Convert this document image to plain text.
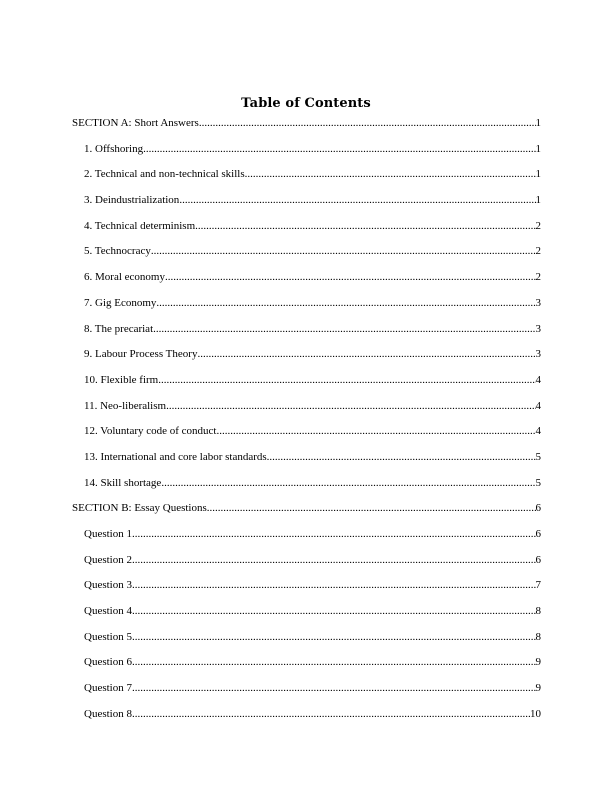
Table of Contents
SECTION A: Short Answers .....	1
1. Offshoring .....	1
2. Technical and non-technical skills .....	1
3. Deindustrialization .....	1
4. Technical determinism .....	2
5. Technocracy .....	2
6. Moral economy .....	2
7. Gig Economy .....	3
8. The precariat .....	3
9. Labour Process Theory .....	3
10. Flexible firm .....	4
11. Neo-liberalism .....	4
12. Voluntary code of conduct .....	4
13. International and core labor standards .....	5
14. Skill shortage .....	5
SECTION B: Essay Questions .....	6
Question 1 .....	6
Question 2 .....	6
Question 3 .....	7
Question 4 .....	8
Question 5 .....	8
Question 6 .....	9
Question 7 .....	9
Question 8 .....	10
